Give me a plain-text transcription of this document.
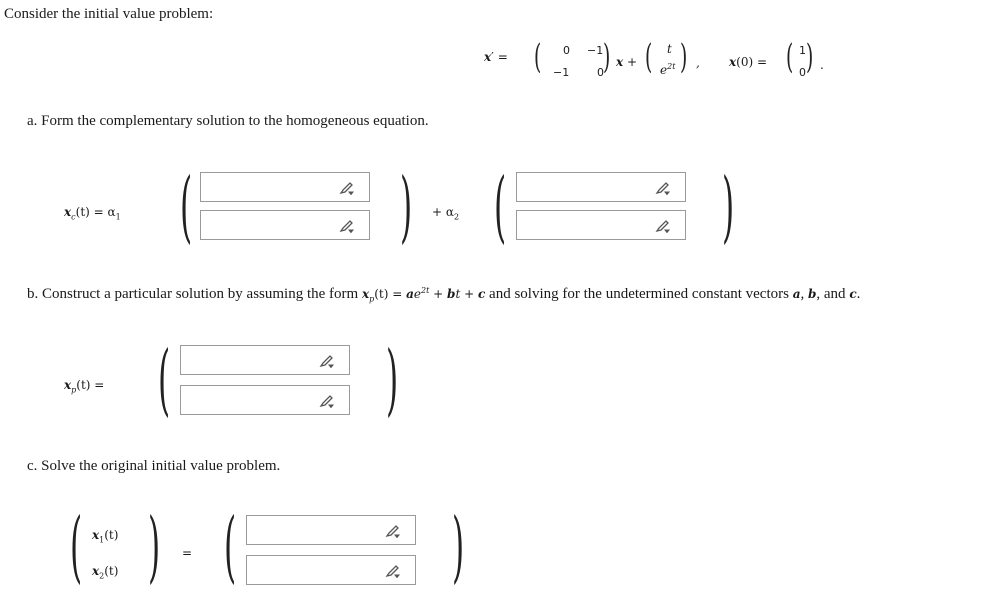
Consider the initial value problem:
x′ = ( 0 −1
−1	0 ) x + ( t
$e^{2t}$ ) , x(0) = ( 1
0 ) .
a. Form the complementary solution to the homogeneous equation.
$x_c(t) = \alpha_1$ (	) + $\alpha_2$ (	)
b. Construct a particular solution by assuming the form $x_p(t) = ae^{2t}$ + bt + c and solving for the undetermined constant vectors a, b, and c.
$x_p(t)$ = (	)
c. Solve the original initial value problem.
( $x_1(t)$
$x_2(t)$ ) = (	)
